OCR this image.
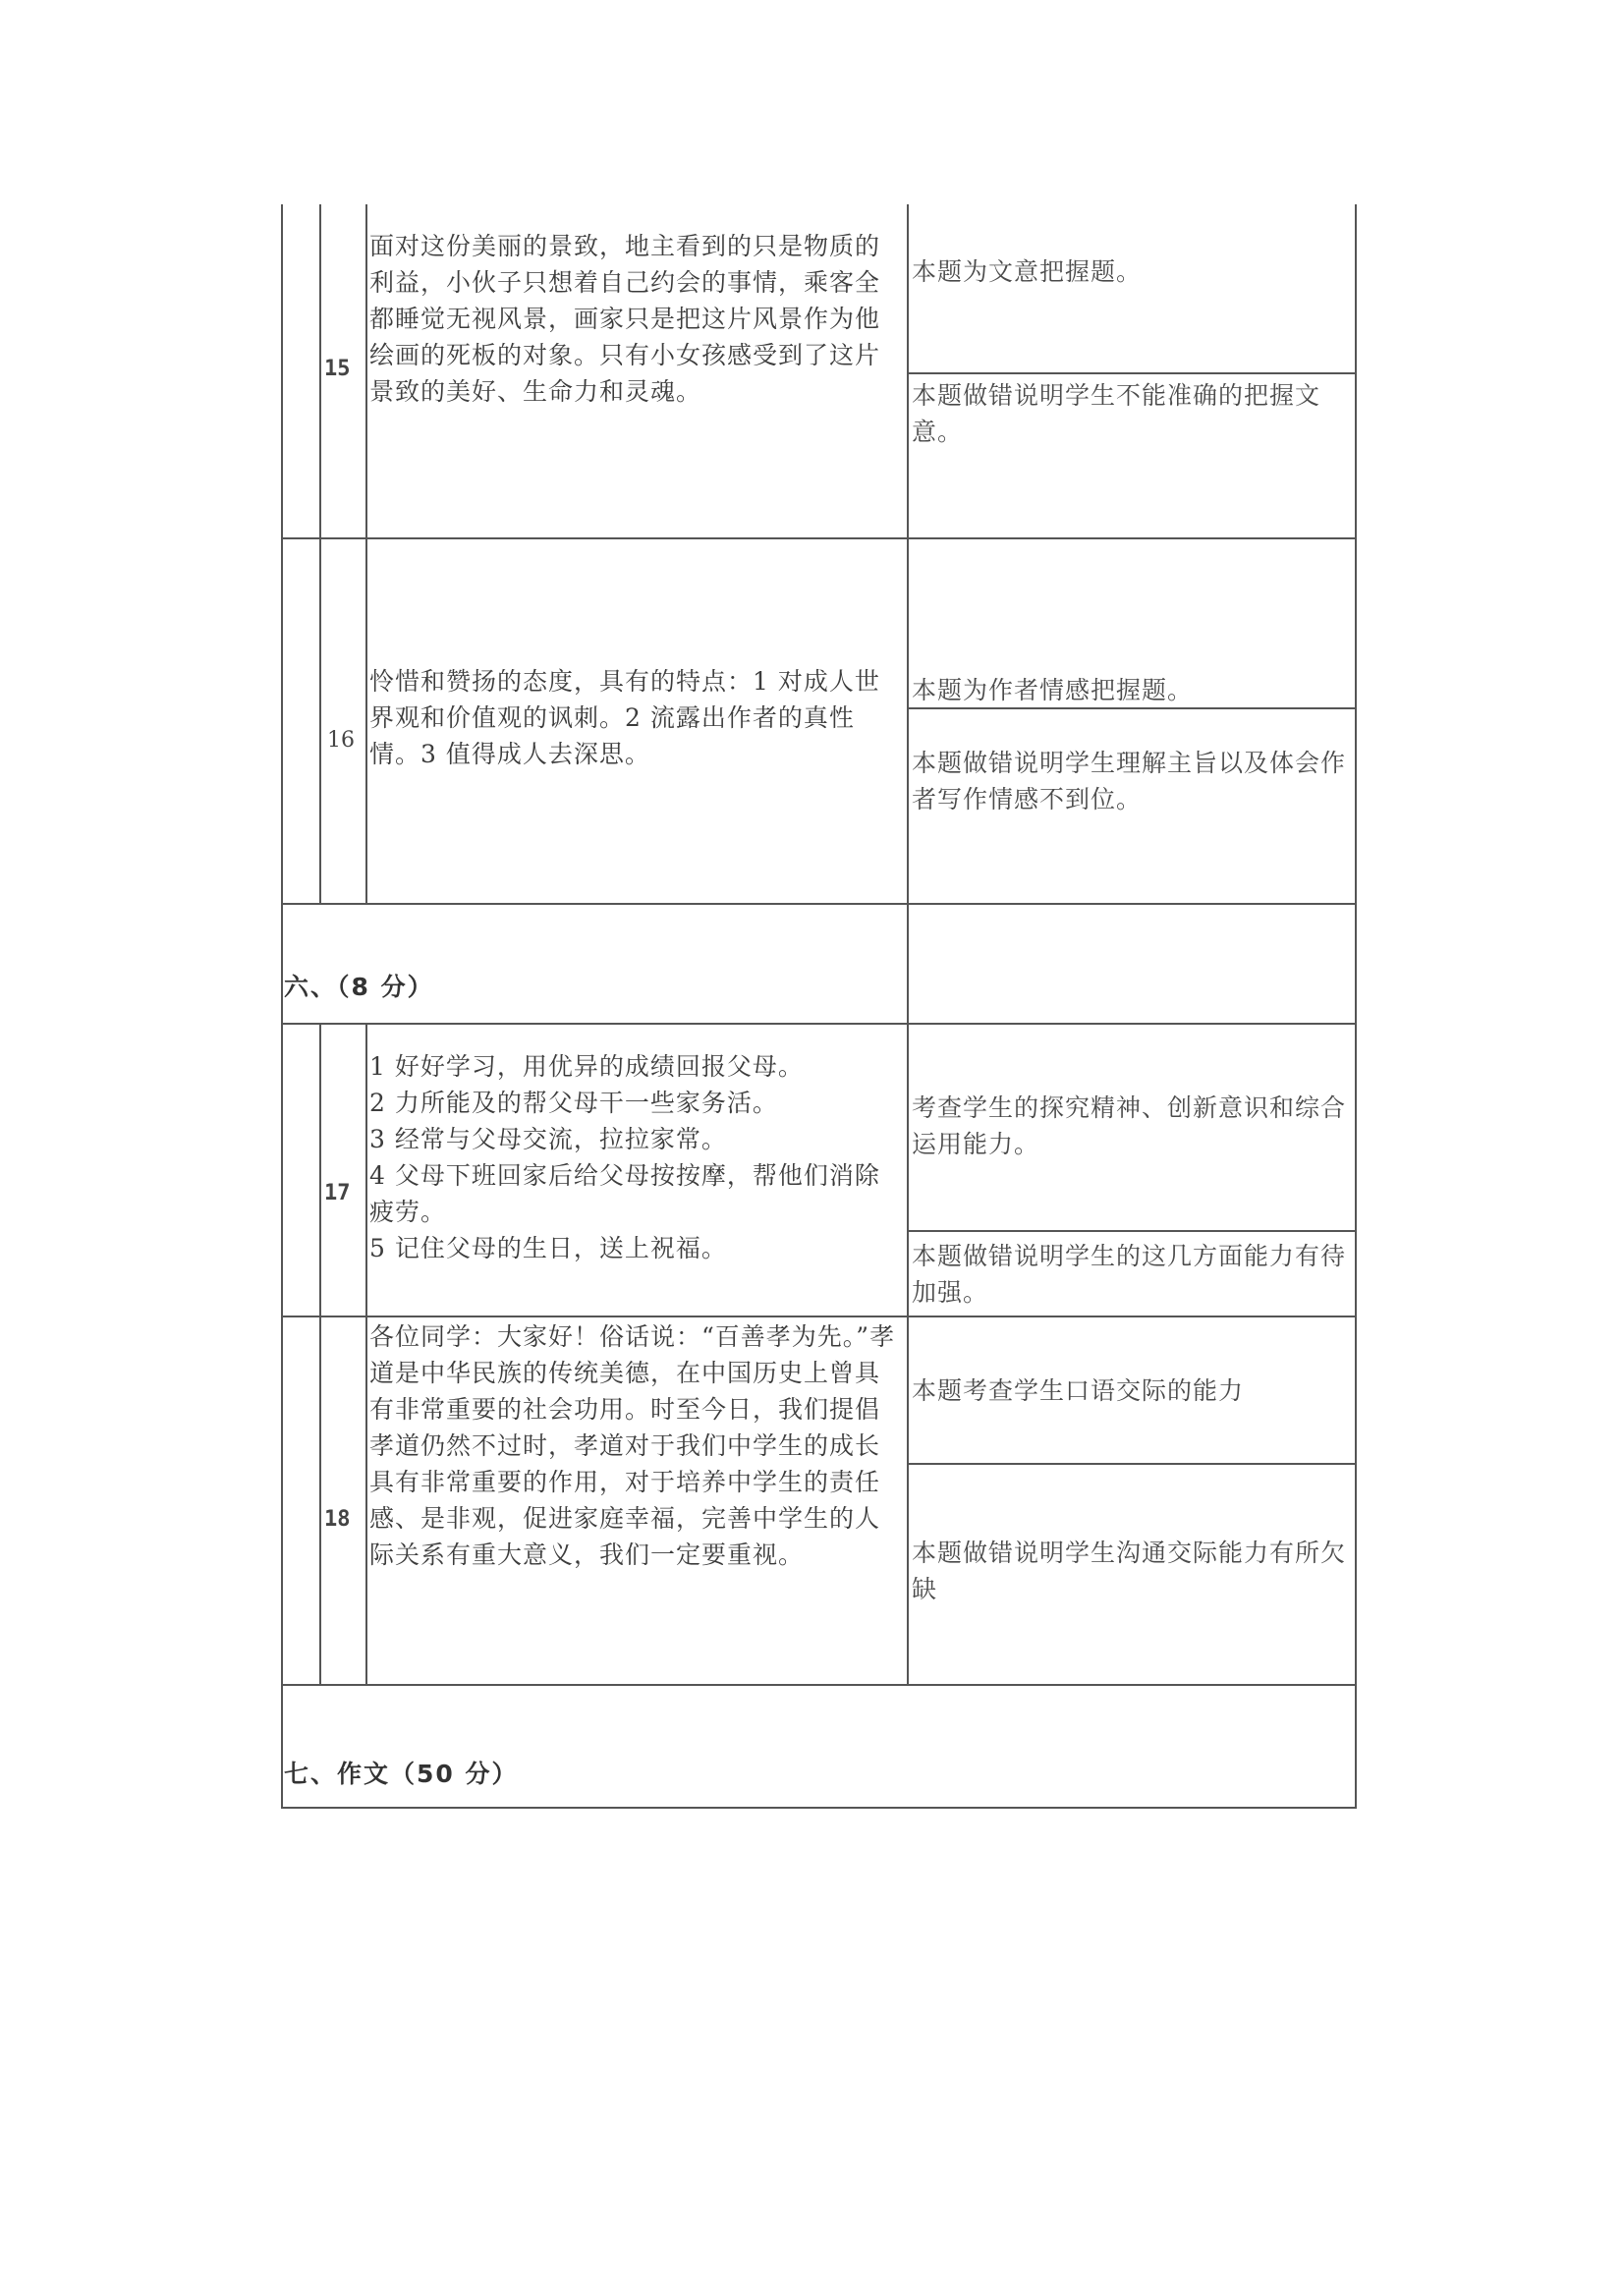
15
面对这份美丽的景致，地主看到的只是物质的利益，小伙子只想着自己约会的事情，乘客全都睡觉无视风景，画家只是把这片风景作为他绘画的死板的对象。只有小女孩感受到了这片景致的美好、生命力和灵魂。
本题为文意把握题。
本题做错说明学生不能准确的把握文意。
16
怜惜和赞扬的态度，具有的特点：1 对成人世界观和价值观的讽刺。2 流露出作者的真性情。3 值得成人去深思。
本题为作者情感把握题。
本题做错说明学生理解主旨以及体会作者写作情感不到位。
六、（8 分）
17
1 好好学习，用优异的成绩回报父母。
2 力所能及的帮父母干一些家务活。
3 经常与父母交流，拉拉家常。
4 父母下班回家后给父母按按摩，帮他们消除疲劳。
5 记住父母的生日，送上祝福。
考查学生的探究精神、创新意识和综合运用能力。
本题做错说明学生的这几方面能力有待加强。
18
各位同学：大家好！俗话说：“百善孝为先。”孝道是中华民族的传统美德，在中国历史上曾具有非常重要的社会功用。时至今日，我们提倡孝道仍然不过时，孝道对于我们中学生的成长具有非常重要的作用，对于培养中学生的责任感、是非观，促进家庭幸福，完善中学生的人际关系有重大意义，我们一定要重视。
本题考查学生口语交际的能力
本题做错说明学生沟通交际能力有所欠缺
七、作文（50 分）
